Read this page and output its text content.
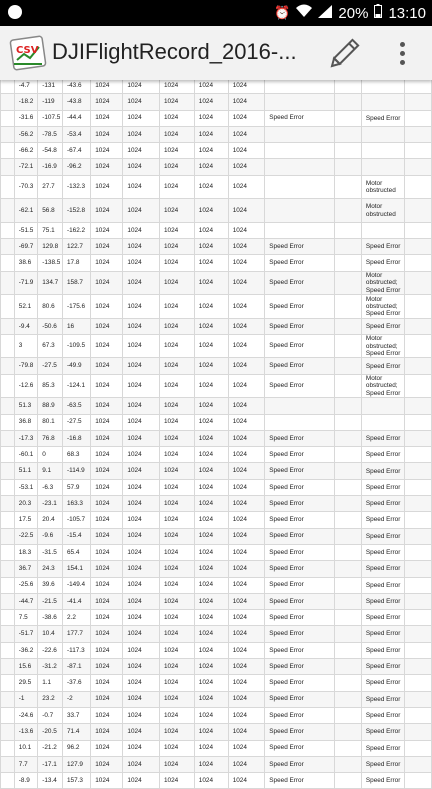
⏰	20% 13:10
CSV DJIFlightRecord_2016-...
	-4.7	-131	-43.6	1024	1024	1024	1024	1024				
	-18.2	-119	-43.8	1024	1024	1024	1024	1024				
	-31.6	-107.5	-44.4	1024	1024	1024	1024	1024	Speed Error		Speed Error	
	-56.2	-78.5	-53.4	1024	1024	1024	1024	1024				
	-66.2	-54.8	-67.4	1024	1024	1024	1024	1024				
	-72.1	-16.9	-96.2	1024	1024	1024	1024	1024				
	-70.3	27.7	-132.3	1024	1024	1024	1024	1024			Motor obstructed	
	-62.1	56.8	-152.8	1024	1024	1024	1024	1024			Motor obstructed	
	-51.5	75.1	-162.2	1024	1024	1024	1024	1024				
	-69.7	129.8	122.7	1024	1024	1024	1024	1024	Speed Error		Speed Error	
	38.6	-138.5	17.8	1024	1024	1024	1024	1024	Speed Error		Speed Error	
	-71.9	134.7	158.7	1024	1024	1024	1024	1024	Speed Error		Motor obstructed; Speed Error	
	52.1	80.6	-175.6	1024	1024	1024	1024	1024	Speed Error		Motor obstructed; Speed Error	
	-9.4	-50.6	16	1024	1024	1024	1024	1024	Speed Error		Speed Error	
	3	67.3	-109.5	1024	1024	1024	1024	1024	Speed Error		Motor obstructed; Speed Error	
	-79.8	-27.5	-49.9	1024	1024	1024	1024	1024	Speed Error		Speed Error	
	-12.6	85.3	-124.1	1024	1024	1024	1024	1024	Speed Error		Motor obstructed; Speed Error	
	51.3	88.9	-63.5	1024	1024	1024	1024	1024				
	36.8	80.1	-27.5	1024	1024	1024	1024	1024				
	-17.3	76.8	-16.8	1024	1024	1024	1024	1024	Speed Error		Speed Error	
	-60.1	0	68.3	1024	1024	1024	1024	1024	Speed Error		Speed Error	
	51.1	9.1	-114.9	1024	1024	1024	1024	1024	Speed Error		Speed Error	
	-53.1	-6.3	57.9	1024	1024	1024	1024	1024	Speed Error		Speed Error	
	20.3	-23.1	163.3	1024	1024	1024	1024	1024	Speed Error		Speed Error	
	17.5	20.4	-105.7	1024	1024	1024	1024	1024	Speed Error		Speed Error	
	-22.5	-9.6	-15.4	1024	1024	1024	1024	1024	Speed Error		Speed Error	
	18.3	-31.5	65.4	1024	1024	1024	1024	1024	Speed Error		Speed Error	
	36.7	24.3	154.1	1024	1024	1024	1024	1024	Speed Error		Speed Error	
	-25.6	39.6	-149.4	1024	1024	1024	1024	1024	Speed Error		Speed Error	
	-44.7	-21.5	-41.4	1024	1024	1024	1024	1024	Speed Error		Speed Error	
	7.5	-38.6	2.2	1024	1024	1024	1024	1024	Speed Error		Speed Error	
	-51.7	10.4	177.7	1024	1024	1024	1024	1024	Speed Error		Speed Error	
	-36.2	-22.6	-117.3	1024	1024	1024	1024	1024	Speed Error		Speed Error	
	15.6	-31.2	-87.1	1024	1024	1024	1024	1024	Speed Error		Speed Error	
	29.5	1.1	-37.6	1024	1024	1024	1024	1024	Speed Error		Speed Error	
	-1	23.2	-2	1024	1024	1024	1024	1024	Speed Error		Speed Error	
	-24.6	-0.7	33.7	1024	1024	1024	1024	1024	Speed Error		Speed Error	
	-13.6	-20.5	71.4	1024	1024	1024	1024	1024	Speed Error		Speed Error	
	10.1	-21.2	96.2	1024	1024	1024	1024	1024	Speed Error		Speed Error	
	7.7	-17.1	127.9	1024	1024	1024	1024	1024	Speed Error		Speed Error	
	-8.9	-13.4	157.3	1024	1024	1024	1024	1024	Speed Error		Speed Error	
